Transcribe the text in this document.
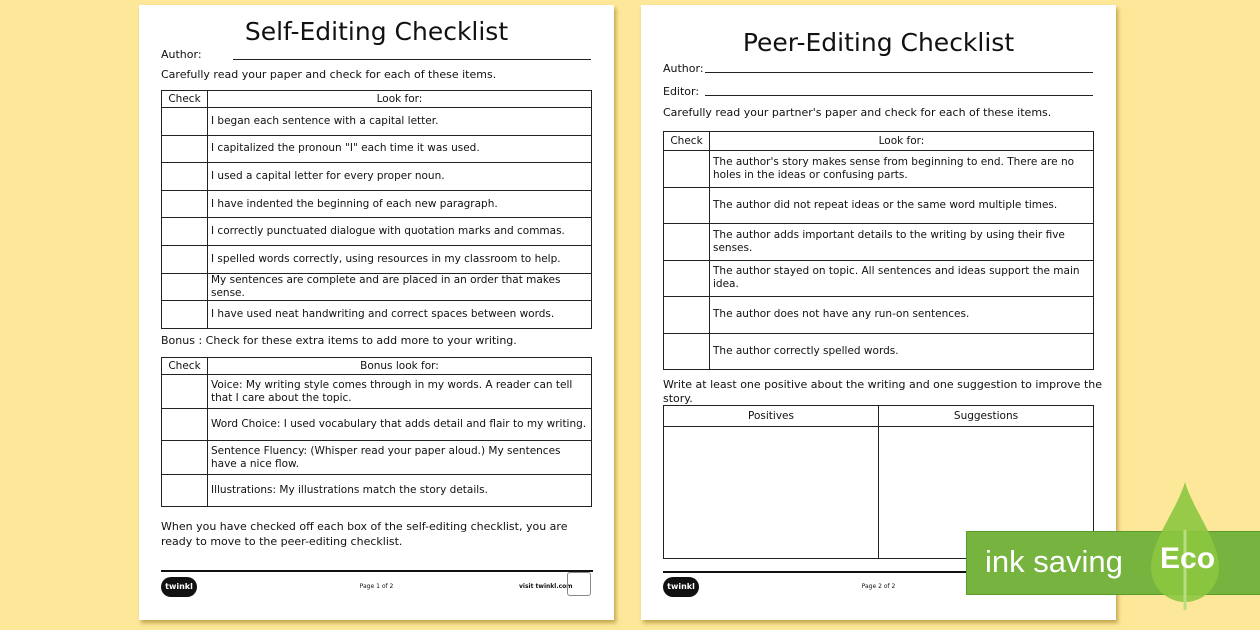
Self-Editing Checklist
Author:
Carefully read your paper and check for each of these items.
Check	Look for:
	I began each sentence with a capital letter.
	I capitalized the pronoun "I" each time it was used.
	I used a capital letter for every proper noun.
	I have indented the beginning of each new paragraph.
	I correctly punctuated dialogue with quotation marks and commas.
	I spelled words correctly, using resources in my classroom to help.
	My sentences are complete and are placed in an order that makes sense.
	I have used neat handwriting and correct spaces between words.
Bonus : Check for these extra items to add more to your writing.
Check	Bonus look for:
	Voice: My writing style comes through in my words. A reader can tell that I care about the topic.
	Word Choice: I used vocabulary that adds detail and flair to my writing.
	Sentence Fluency: (Whisper read your paper aloud.) My sentences have a nice flow.
	Illustrations: My illustrations match the story details.
When you have checked off each box of the self-editing checklist, you are ready to move to the peer-editing checklist.
twinkl	Page 1 of 2	visit twinkl.com
Peer-Editing Checklist
Author:
Editor:
Carefully read your partner's paper and check for each of these items.
Check	Look for:
	The author's story makes sense from beginning to end. There are no holes in the ideas or confusing parts.
	The author did not repeat ideas or the same word multiple times.
	The author adds important details to the writing by using their five senses.
	The author stayed on topic. All sentences and ideas support the main idea.
	The author does not have any run-on sentences.
	The author correctly spelled words.
Write at least one positive about the writing and one suggestion to improve the story.
Positives	Suggestions

twinkl	Page 2 of 2
ink saving Eco
